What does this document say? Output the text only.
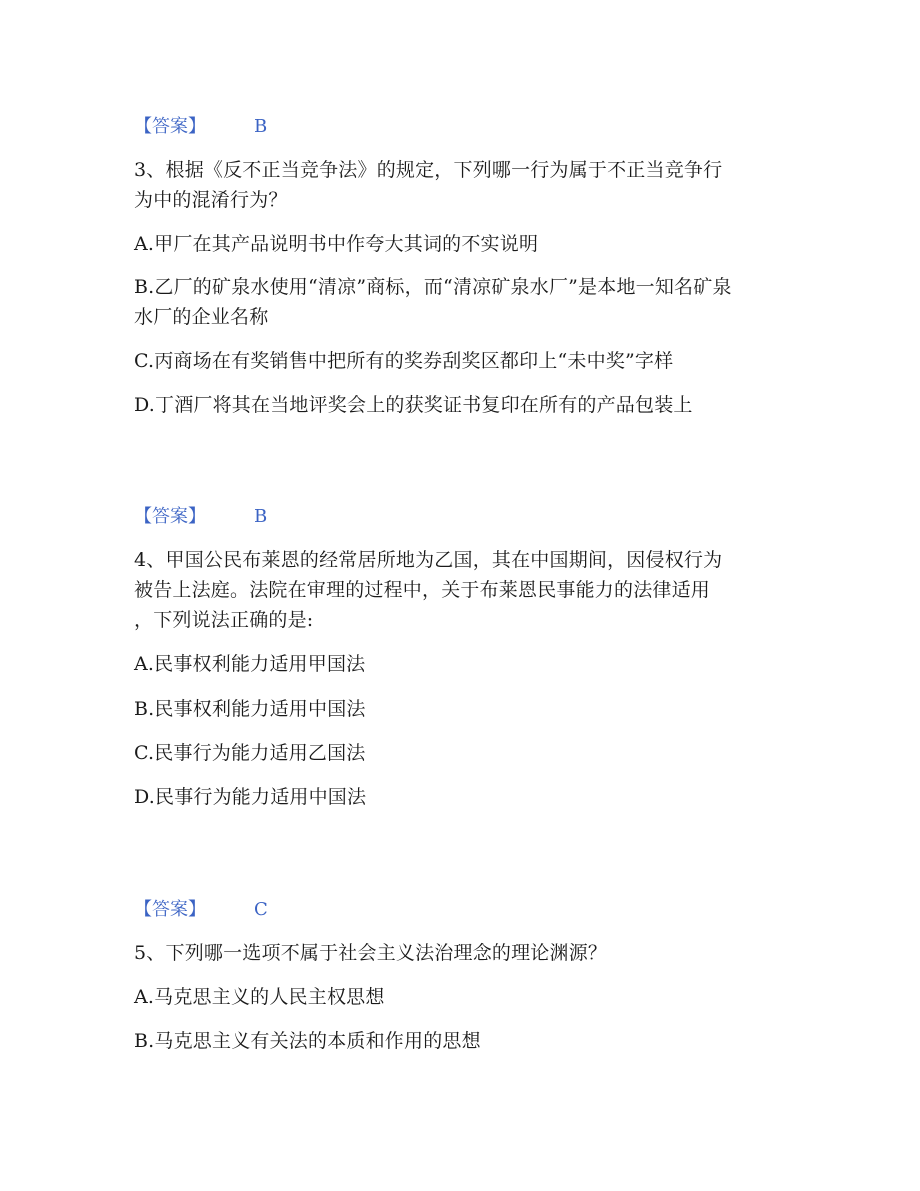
【答案】	B
3、根据《反不正当竞争法》的规定，下列哪一行为属于不正当竞争行
为中的混淆行为？
A.甲厂在其产品说明书中作夸大其词的不实说明
B.乙厂的矿泉水使用“清凉”商标，而“清凉矿泉水厂”是本地一知名矿泉
水厂的企业名称
C.丙商场在有奖销售中把所有的奖券刮奖区都印上“未中奖”字样
D.丁酒厂将其在当地评奖会上的获奖证书复印在所有的产品包装上
【答案】	B
4、甲国公民布莱恩的经常居所地为乙国，其在中国期间，因侵权行为
被告上法庭。法院在审理的过程中，关于布莱恩民事能力的法律适用
，下列说法正确的是:
A.民事权利能力适用甲国法
B.民事权利能力适用中国法
C.民事行为能力适用乙国法
D.民事行为能力适用中国法
【答案】	C
5、下列哪一选项不属于社会主义法治理念的理论渊源？
A.马克思主义的人民主权思想
B.马克思主义有关法的本质和作用的思想
